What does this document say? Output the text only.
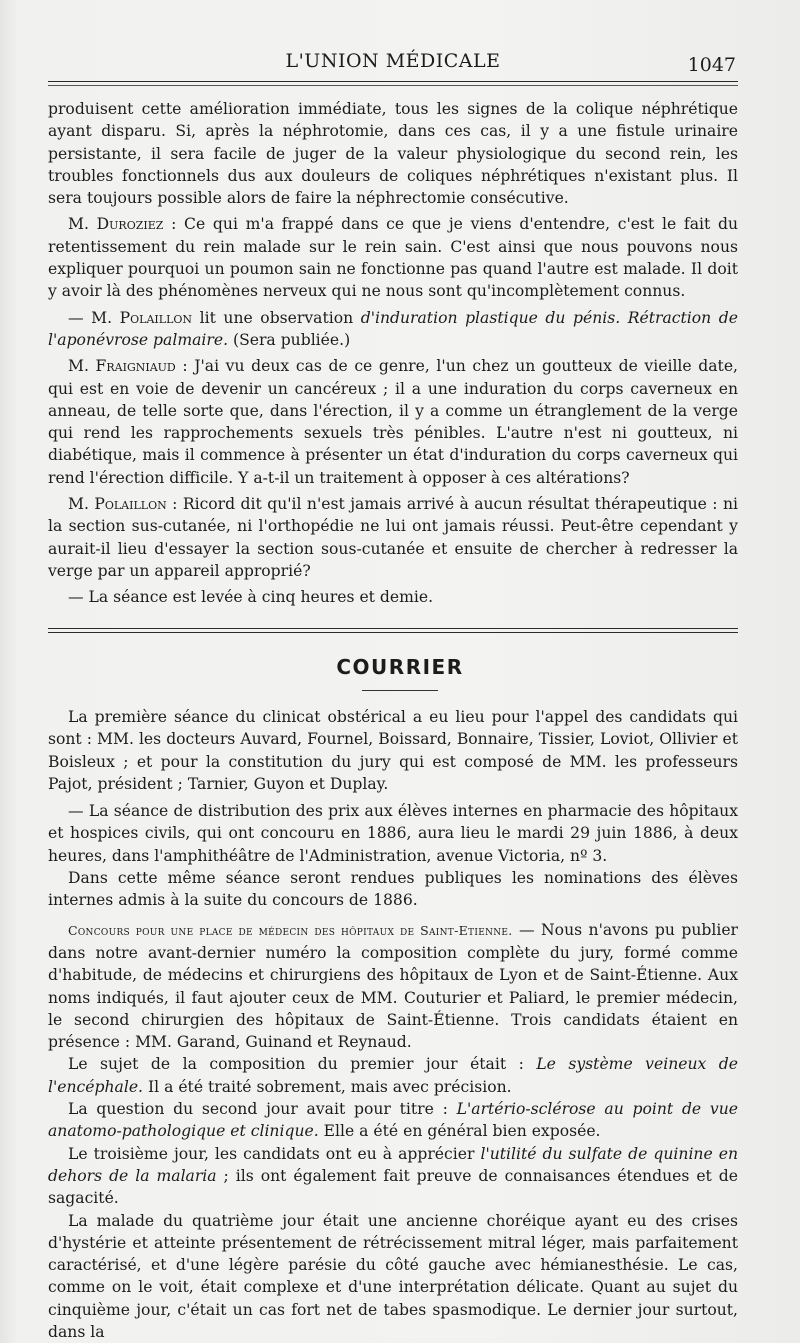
L'UNION MÉDICALE	1047

produisent cette amélioration immédiate, tous les signes de la colique néphrétique ayant disparu. Si, après la néphrotomie, dans ces cas, il y a une fistule urinaire persistante, il sera facile de juger de la valeur physiologique du second rein, les troubles fonctionnels dus aux douleurs de coliques néphrétiques n'existant plus. Il sera toujours possible alors de faire la néphrectomie consécutive.

M. Duroziez : Ce qui m'a frappé dans ce que je viens d'entendre, c'est le fait du retentissement du rein malade sur le rein sain. C'est ainsi que nous pouvons nous expliquer pourquoi un poumon sain ne fonctionne pas quand l'autre est malade. Il doit y avoir là des phénomènes nerveux qui ne nous sont qu'incomplètement connus.

— M. Polaillon lit une observation d'induration plastique du pénis. Rétraction de l'aponévrose palmaire. (Sera publiée.)

M. Fraigniaud : J'ai vu deux cas de ce genre, l'un chez un goutteux de vieille date, qui est en voie de devenir un cancéreux ; il a une induration du corps caverneux en anneau, de telle sorte que, dans l'érection, il y a comme un étranglement de la verge qui rend les rapprochements sexuels très pénibles. L'autre n'est ni goutteux, ni diabétique, mais il commence à présenter un état d'induration du corps caverneux qui rend l'érection difficile. Y a-t-il un traitement à opposer à ces altérations?

M. Polaillon : Ricord dit qu'il n'est jamais arrivé à aucun résultat thérapeutique : ni la section sus-cutanée, ni l'orthopédie ne lui ont jamais réussi. Peut-être cependant y aurait-il lieu d'essayer la section sous-cutanée et ensuite de chercher à redresser la verge par un appareil approprié?

— La séance est levée à cinq heures et demie.

COURRIER

La première séance du clinicat obstérical a eu lieu pour l'appel des candidats qui sont : MM. les docteurs Auvard, Fournel, Boissard, Bonnaire, Tissier, Loviot, Ollivier et Boisleux ; et pour la constitution du jury qui est composé de MM. les professeurs Pajot, président ; Tarnier, Guyon et Duplay.

— La séance de distribution des prix aux élèves internes en pharmacie des hôpitaux et hospices civils, qui ont concouru en 1886, aura lieu le mardi 29 juin 1886, à deux heures, dans l'amphithéâtre de l'Administration, avenue Victoria, nº 3.

Dans cette même séance seront rendues publiques les nominations des élèves internes admis à la suite du concours de 1886.

Concours pour une place de médecin des hôpitaux de Saint-Etienne. — Nous n'avons pu publier dans notre avant-dernier numéro la composition complète du jury, formé comme d'habitude, de médecins et chirurgiens des hôpitaux de Lyon et de Saint-Étienne. Aux noms indiqués, il faut ajouter ceux de MM. Couturier et Paliard, le premier médecin, le second chirurgien des hôpitaux de Saint-Étienne. Trois candidats étaient en présence : MM. Garand, Guinand et Reynaud.

Le sujet de la composition du premier jour était : Le système veineux de l'encéphale. Il a été traité sobrement, mais avec précision.

La question du second jour avait pour titre : L'artério-sclérose au point de vue anatomo-pathologique et clinique. Elle a été en général bien exposée.

Le troisième jour, les candidats ont eu à apprécier l'utilité du sulfate de quinine en dehors de la malaria ; ils ont également fait preuve de connaisances étendues et de sagacité.

La malade du quatrième jour était une ancienne choréique ayant eu des crises d'hystérie et atteinte présentement de rétrécissement mitral léger, mais parfaitement caractérisé, et d'une légère parésie du côté gauche avec hémianesthésie. Le cas, comme on le voit, était complexe et d'une interprétation délicate. Quant au sujet du cinquième jour, c'était un cas fort net de tabes spasmodique. Le dernier jour surtout, dans la
